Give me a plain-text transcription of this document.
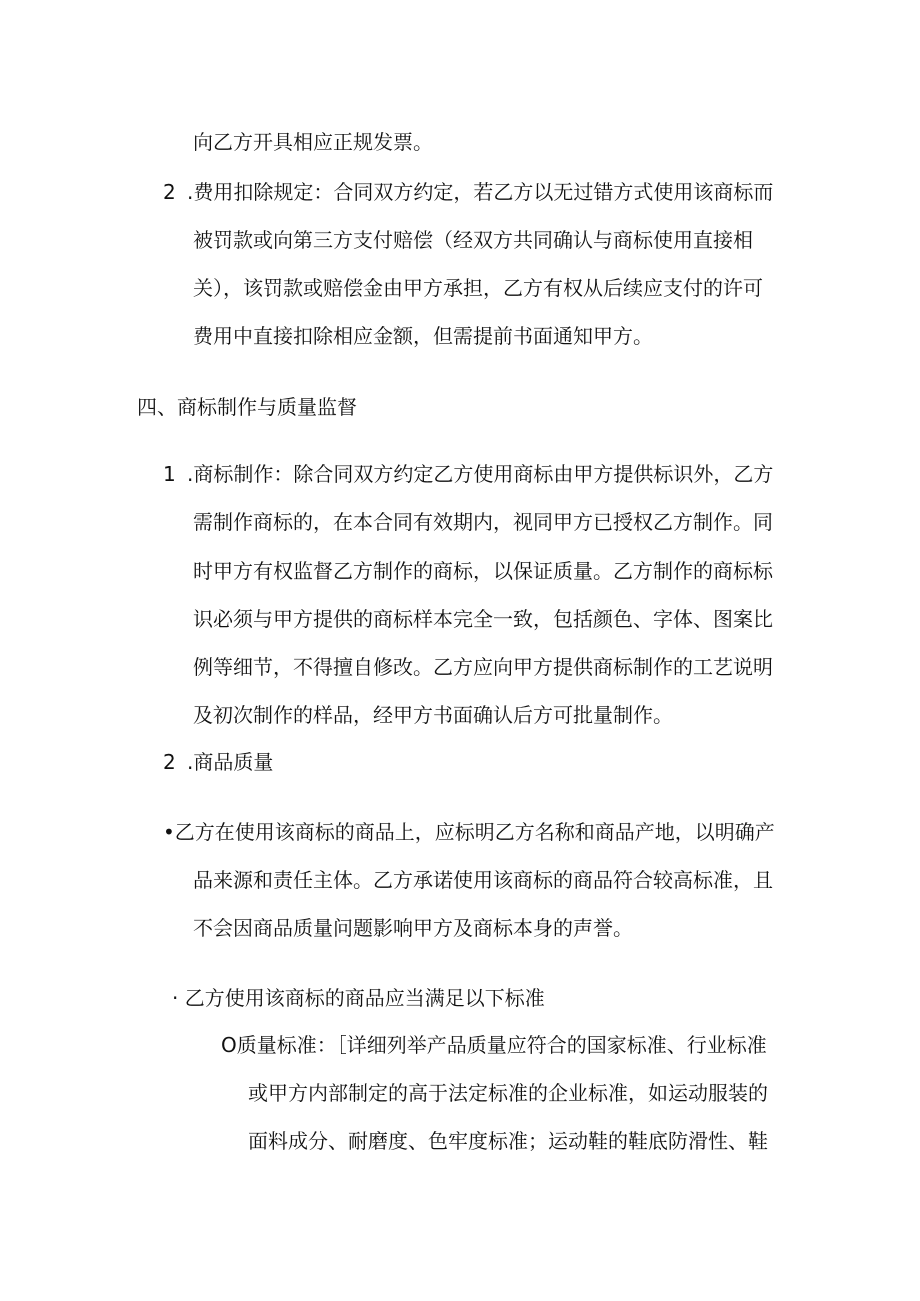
向乙方开具相应正规发票。
2 .费用扣除规定：合同双方约定，若乙方以无过错方式使用该商标而
被罚款或向第三方支付赔偿（经双方共同确认与商标使用直接相
关），该罚款或赔偿金由甲方承担，乙方有权从后续应支付的许可
费用中直接扣除相应金额，但需提前书面通知甲方。
四、商标制作与质量监督
1 .商标制作：除合同双方约定乙方使用商标由甲方提供标识外，乙方
需制作商标的，在本合同有效期内，视同甲方已授权乙方制作。同
时甲方有权监督乙方制作的商标，以保证质量。乙方制作的商标标
识必须与甲方提供的商标样本完全一致，包括颜色、字体、图案比
例等细节，不得擅自修改。乙方应向甲方提供商标制作的工艺说明
及初次制作的样品，经甲方书面确认后方可批量制作。
2 .商品质量
•乙方在使用该商标的商品上，应标明乙方名称和商品产地，以明确产
品来源和责任主体。乙方承诺使用该商标的商品符合较高标准，且
不会因商品质量问题影响甲方及商标本身的声誉。
· 乙方使用该商标的商品应当满足以下标准
O质量标准：［详细列举产品质量应符合的国家标准、行业标准
或甲方内部制定的高于法定标准的企业标准，如运动服装的
面料成分、耐磨度、色牢度标准；运动鞋的鞋底防滑性、鞋
